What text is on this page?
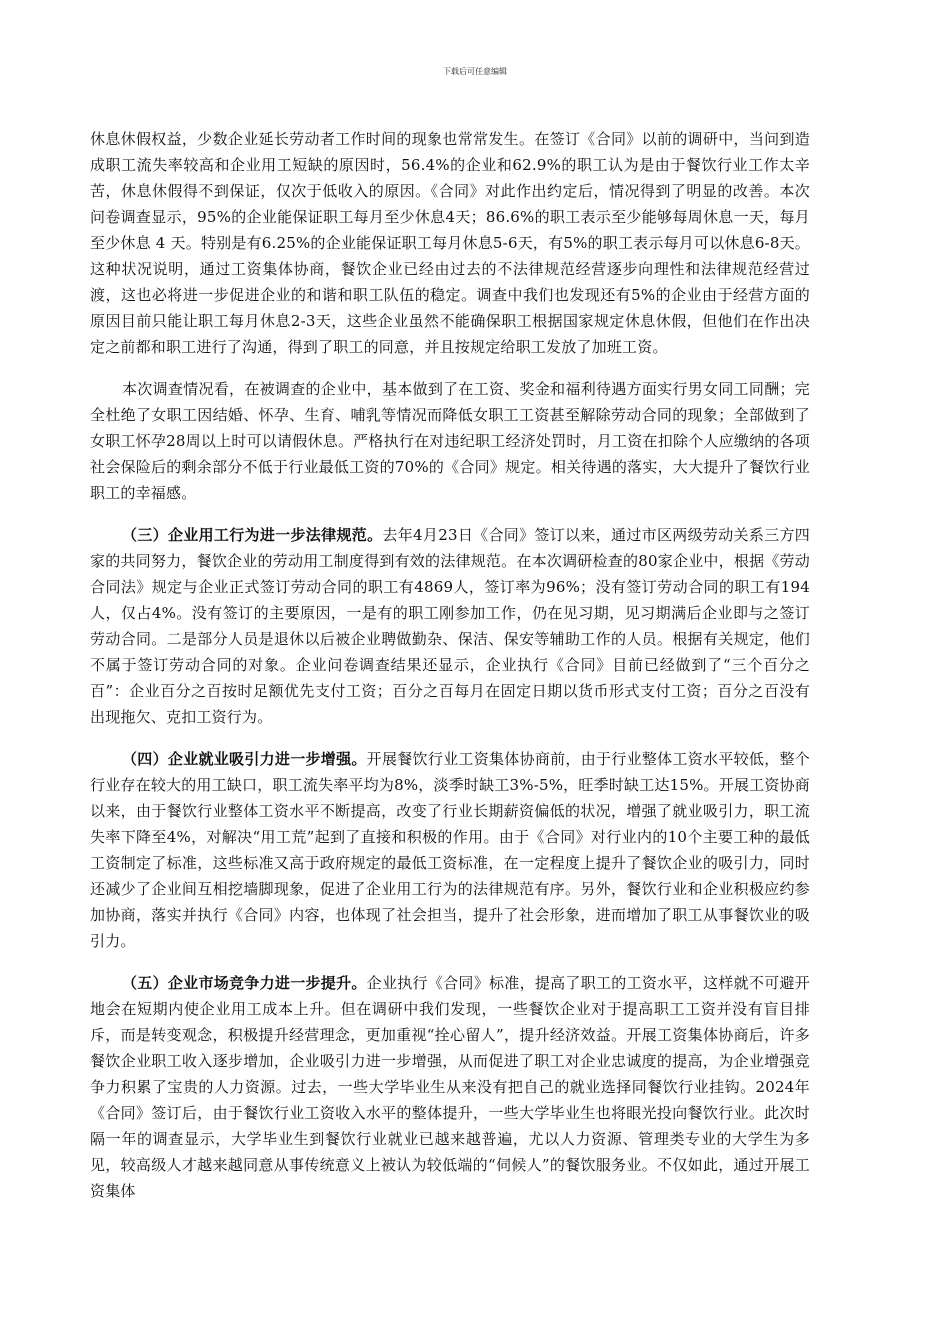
下载后可任意编辑

休息休假权益，少数企业延长劳动者工作时间的现象也常常发生。在签订《合同》以前的调研中，当问到造成职工流失率较高和企业用工短缺的原因时，56.4%的企业和62.9%的职工认为是由于餐饮行业工作太辛苦，休息休假得不到保证，仅次于低收入的原因。《合同》对此作出约定后，情况得到了明显的改善。本次问卷调查显示，95%的企业能保证职工每月至少休息4天；86.6%的职工表示至少能够每周休息一天，每月至少休息 4 天。特别是有6.25%的企业能保证职工每月休息5-6天，有5%的职工表示每月可以休息6-8天。这种状况说明，通过工资集体协商，餐饮企业已经由过去的不法律规范经营逐步向理性和法律规范经营过渡，这也必将进一步促进企业的和谐和职工队伍的稳定。调查中我们也发现还有5%的企业由于经营方面的原因目前只能让职工每月休息2-3天，这些企业虽然不能确保职工根据国家规定休息休假，但他们在作出决定之前都和职工进行了沟通，得到了职工的同意，并且按规定给职工发放了加班工资。

本次调查情况看，在被调查的企业中，基本做到了在工资、奖金和福利待遇方面实行男女同工同酬；完全杜绝了女职工因结婚、怀孕、生育、哺乳等情况而降低女职工工资甚至解除劳动合同的现象；全部做到了女职工怀孕28周以上时可以请假休息。严格执行在对违纪职工经济处罚时，月工资在扣除个人应缴纳的各项社会保险后的剩余部分不低于行业最低工资的70%的《合同》规定。相关待遇的落实，大大提升了餐饮行业职工的幸福感。

（三）企业用工行为进一步法律规范。去年4月23日《合同》签订以来，通过市区两级劳动关系三方四家的共同努力，餐饮企业的劳动用工制度得到有效的法律规范。在本次调研检查的80家企业中，根据《劳动合同法》规定与企业正式签订劳动合同的职工有4869人，签订率为96%；没有签订劳动合同的职工有194人，仅占4%。没有签订的主要原因，一是有的职工刚参加工作，仍在见习期，见习期满后企业即与之签订劳动合同。二是部分人员是退休以后被企业聘做勤杂、保洁、保安等辅助工作的人员。根据有关规定，他们不属于签订劳动合同的对象。企业问卷调查结果还显示，企业执行《合同》目前已经做到了“三个百分之百”：企业百分之百按时足额优先支付工资；百分之百每月在固定日期以货币形式支付工资；百分之百没有出现拖欠、克扣工资行为。

（四）企业就业吸引力进一步增强。开展餐饮行业工资集体协商前，由于行业整体工资水平较低，整个行业存在较大的用工缺口，职工流失率平均为8%，淡季时缺工3%-5%，旺季时缺工达15%。开展工资协商以来，由于餐饮行业整体工资水平不断提高，改变了行业长期薪资偏低的状况，增强了就业吸引力，职工流失率下降至4%，对解决“用工荒”起到了直接和积极的作用。由于《合同》对行业内的10个主要工种的最低工资制定了标准，这些标准又高于政府规定的最低工资标准，在一定程度上提升了餐饮企业的吸引力，同时还减少了企业间互相挖墙脚现象，促进了企业用工行为的法律规范有序。另外，餐饮行业和企业积极应约参加协商，落实并执行《合同》内容，也体现了社会担当，提升了社会形象，进而增加了职工从事餐饮业的吸引力。

（五）企业市场竞争力进一步提升。企业执行《合同》标准，提高了职工的工资水平，这样就不可避开地会在短期内使企业用工成本上升。但在调研中我们发现，一些餐饮企业对于提高职工工资并没有盲目排斥，而是转变观念，积极提升经营理念，更加重视“拴心留人”，提升经济效益。开展工资集体协商后，许多餐饮企业职工收入逐步增加，企业吸引力进一步增强，从而促进了职工对企业忠诚度的提高，为企业增强竞争力积累了宝贵的人力资源。过去，一些大学毕业生从来没有把自己的就业选择同餐饮行业挂钩。2024年《合同》签订后，由于餐饮行业工资收入水平的整体提升，一些大学毕业生也将眼光投向餐饮行业。此次时隔一年的调查显示，大学毕业生到餐饮行业就业已越来越普遍，尤以人力资源、管理类专业的大学生为多见，较高级人才越来越同意从事传统意义上被认为较低端的“伺候人”的餐饮服务业。不仅如此，通过开展工资集体
